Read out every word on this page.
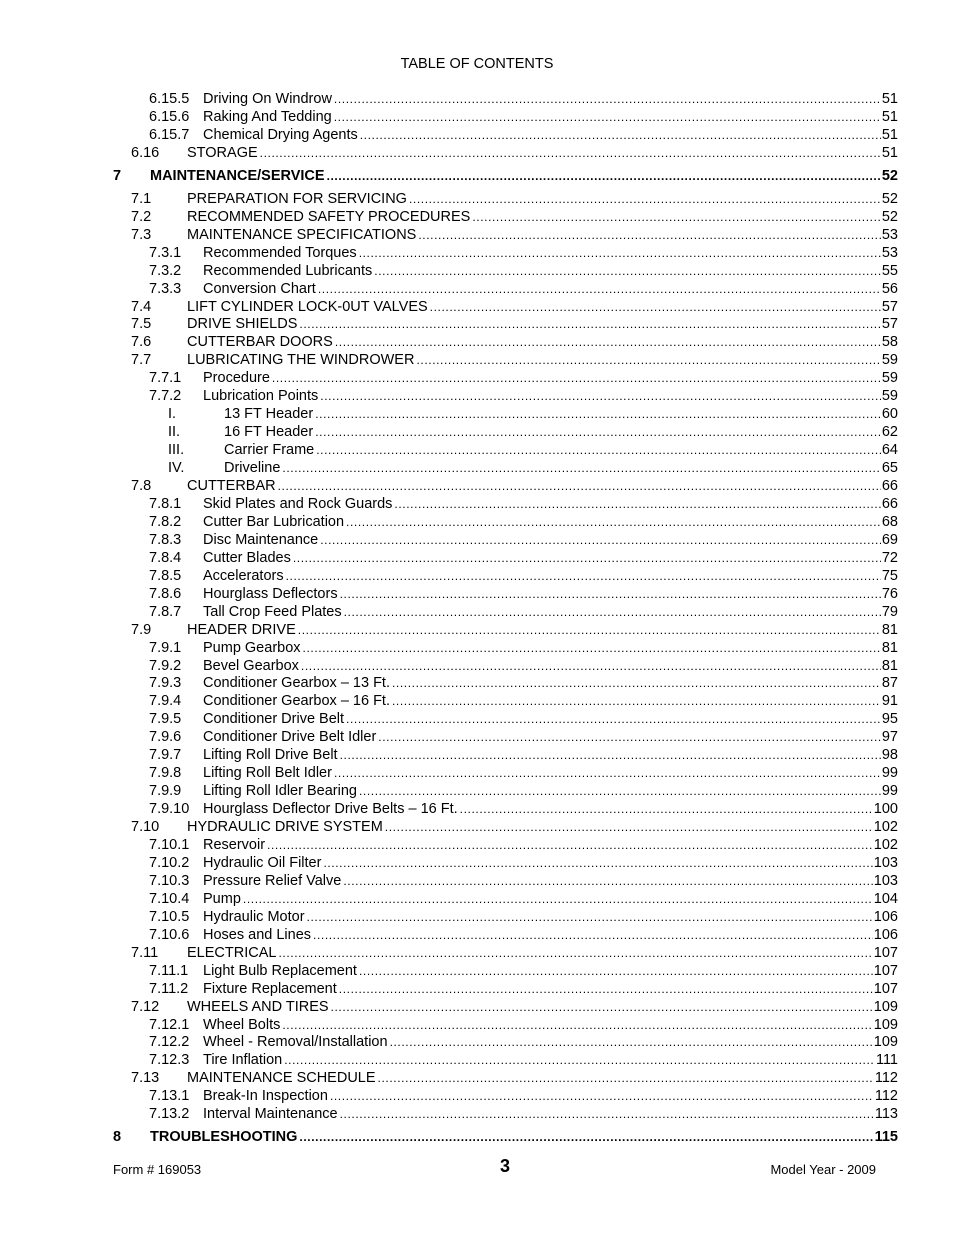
TABLE OF CONTENTS
6.15.5 Driving On Windrow .....	51
6.15.6 Raking And Tedding .....	51
6.15.7 Chemical Drying Agents .....	51
6.16 STORAGE .....	51
7 MAINTENANCE/SERVICE .....	52
7.1 PREPARATION FOR SERVICING .....	52
7.2 RECOMMENDED SAFETY PROCEDURES .....	52
7.3 MAINTENANCE SPECIFICATIONS .....	53
7.3.1 Recommended Torques .....	53
7.3.2 Recommended Lubricants .....	55
7.3.3 Conversion Chart .....	56
7.4 LIFT CYLINDER LOCK-0UT VALVES .....	57
7.5 DRIVE SHIELDS .....	57
7.6 CUTTERBAR DOORS .....	58
7.7 LUBRICATING THE WINDROWER .....	59
7.7.1 Procedure .....	59
7.7.2 Lubrication Points .....	59
I.	13 FT Header .....	60
II.	16 FT Header .....	62
III.	Carrier Frame .....	64
IV.	Driveline .....	65
7.8 CUTTERBAR .....	66
7.8.1 Skid Plates and Rock Guards .....	66
7.8.2 Cutter Bar Lubrication .....	68
7.8.3 Disc Maintenance .....	69
7.8.4 Cutter Blades .....	72
7.8.5 Accelerators .....	75
7.8.6 Hourglass Deflectors .....	76
7.8.7 Tall Crop Feed Plates .....	79
7.9 HEADER DRIVE .....	81
7.9.1 Pump Gearbox .....	81
7.9.2 Bevel Gearbox .....	81
7.9.3 Conditioner Gearbox – 13 Ft. .....	87
7.9.4 Conditioner Gearbox – 16 Ft. .....	91
7.9.5 Conditioner Drive Belt .....	95
7.9.6 Conditioner Drive Belt Idler .....	97
7.9.7 Lifting Roll Drive Belt .....	98
7.9.8 Lifting Roll Belt Idler .....	99
7.9.9 Lifting Roll Idler Bearing .....	99
7.9.10 Hourglass Deflector Drive Belts – 16 Ft. .....	100
7.10 HYDRAULIC DRIVE SYSTEM .....	102
7.10.1 Reservoir .....	102
7.10.2 Hydraulic Oil Filter .....	103
7.10.3 Pressure Relief Valve .....	103
7.10.4 Pump .....	104
7.10.5 Hydraulic Motor .....	106
7.10.6 Hoses and Lines .....	106
7.11 ELECTRICAL .....	107
7.11.1 Light Bulb Replacement .....	107
7.11.2 Fixture Replacement .....	107
7.12 WHEELS AND TIRES .....	109
7.12.1 Wheel Bolts .....	109
7.12.2 Wheel - Removal/Installation .....	109
7.12.3 Tire Inflation .....	111
7.13 MAINTENANCE SCHEDULE .....	112
7.13.1 Break-In Inspection .....	112
7.13.2 Interval Maintenance .....	113
8 TROUBLESHOOTING .....	115
Form # 169053	3	Model Year - 2009
